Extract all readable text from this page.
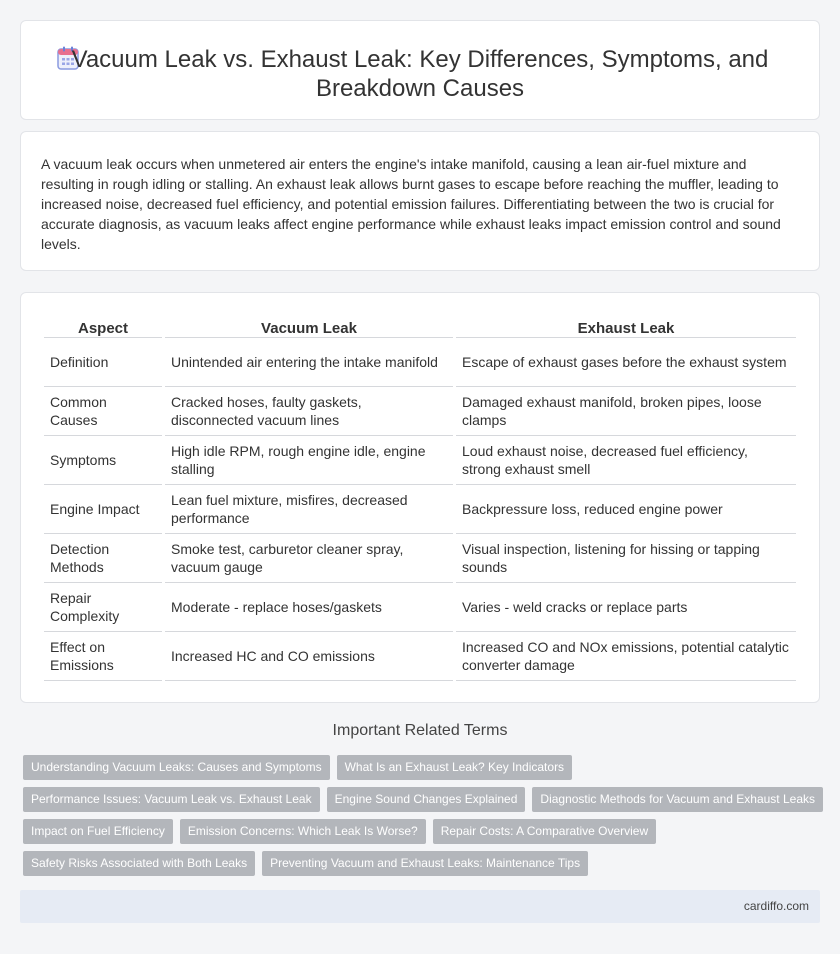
Vacuum Leak vs. Exhaust Leak: Key Differences, Symptoms, and Breakdown Causes

A vacuum leak occurs when unmetered air enters the engine's intake manifold, causing a lean air-fuel mixture and resulting in rough idling or stalling. An exhaust leak allows burnt gases to escape before reaching the muffler, leading to increased noise, decreased fuel efficiency, and potential emission failures. Differentiating between the two is crucial for accurate diagnosis, as vacuum leaks affect engine performance while exhaust leaks impact emission control and sound levels.

Aspect	Vacuum Leak	Exhaust Leak
Definition	Unintended air entering the intake manifold	Escape of exhaust gases before the exhaust system
Common Causes	Cracked hoses, faulty gaskets, disconnected vacuum lines	Damaged exhaust manifold, broken pipes, loose clamps
Symptoms	High idle RPM, rough engine idle, engine stalling	Loud exhaust noise, decreased fuel efficiency, strong exhaust smell
Engine Impact	Lean fuel mixture, misfires, decreased performance	Backpressure loss, reduced engine power
Detection Methods	Smoke test, carburetor cleaner spray, vacuum gauge	Visual inspection, listening for hissing or tapping sounds
Repair Complexity	Moderate - replace hoses/gaskets	Varies - weld cracks or replace parts
Effect on Emissions	Increased HC and CO emissions	Increased CO and NOx emissions, potential catalytic converter damage
Important Related Terms
Understanding Vacuum Leaks: Causes and Symptoms	What Is an Exhaust Leak? Key Indicators
Performance Issues: Vacuum Leak vs. Exhaust Leak	Engine Sound Changes Explained	Diagnostic Methods for Vacuum and Exhaust Leaks
Impact on Fuel Efficiency	Emission Concerns: Which Leak Is Worse?	Repair Costs: A Comparative Overview
Safety Risks Associated with Both Leaks	Preventing Vacuum and Exhaust Leaks: Maintenance Tips
cardiffo.com
